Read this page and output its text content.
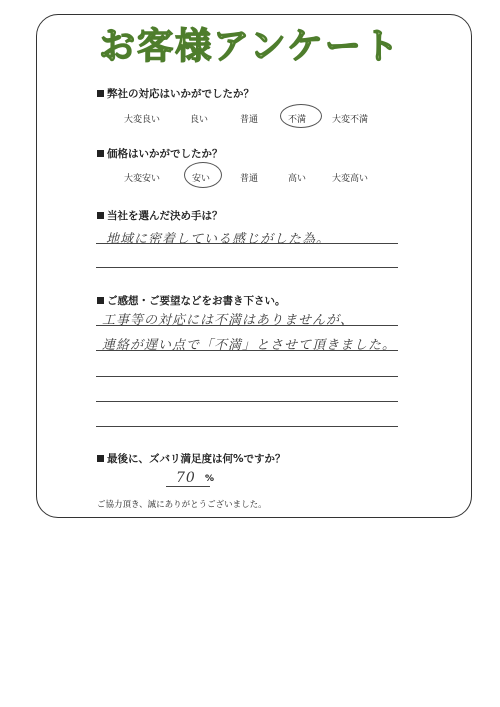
お客様アンケート
弊社の対応はいかがでしたか？
大変良い	良い	普通	不満	大変不満
価格はいかがでしたか？
大変安い	安い	普通	高い	大変高い
当社を選んだ決め手は？
地域に密着している感じがした為。
ご感想・ご要望などをお書き下さい。
工事等の対応には不満はありませんが、
連絡が遅い点で「不満」とさせて頂きました。
最後に、ズバリ満足度は何%ですか？
70 %
ご協力頂き、誠にありがとうございました。
